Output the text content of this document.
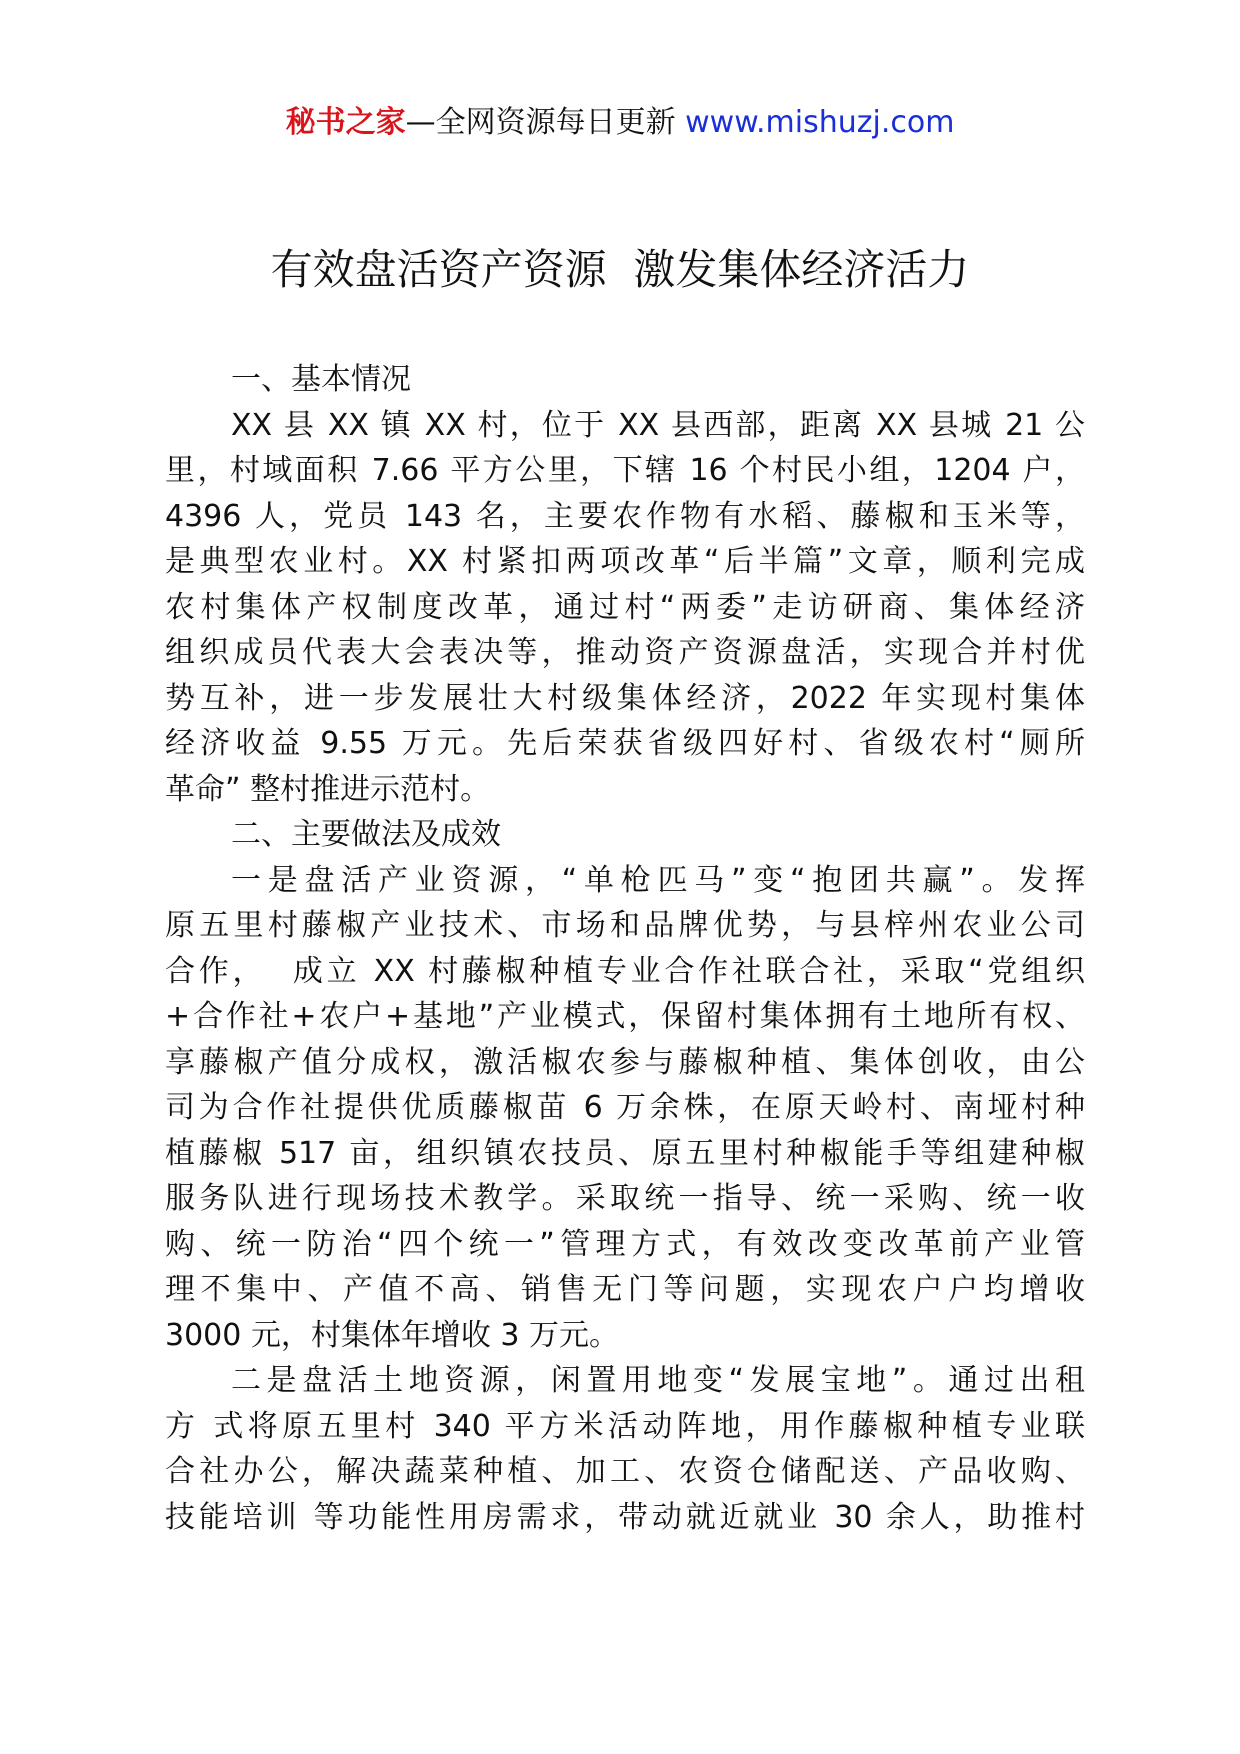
秘书之家—全网资源每日更新 www.mishuzj.com
有效盘活资产资源  激发集体经济活力
一、基本情况
XX 县 XX 镇 XX 村，位于 XX 县西部，距离 XX 县城 21 公
里，村域面积 7.66 平方公里，下辖 16 个村民小组，1204 户，
4396 人，党员 143 名，主要农作物有水稻、藤椒和玉米等，
是典型农业村。XX 村紧扣两项改革“后半篇”文章，顺利完成
农村集体产权制度改革，通过村“两委”走访研商、集体经济
组织成员代表大会表决等，推动资产资源盘活，实现合并村优
势互补，进一步发展壮大村级集体经济，2022 年实现村集体
经济收益 9.55 万元。先后荣获省级四好村、省级农村“厕所
革命” 整村推进示范村。
二、主要做法及成效
一是盘活产业资源，“单枪匹马”变“抱团共赢”。发挥
原五里村藤椒产业技术、市场和品牌优势，与县梓州农业公司
合作，  成立 XX 村藤椒种植专业合作社联合社，采取“党组织
+合作社+农户+基地”产业模式，保留村集体拥有土地所有权、
享藤椒产值分成权，激活椒农参与藤椒种植、集体创收，由公
司为合作社提供优质藤椒苗 6 万余株，在原天岭村、南垭村种
植藤椒 517 亩，组织镇农技员、原五里村种椒能手等组建种椒
服务队进行现场技术教学。采取统一指导、统一采购、统一收
购、统一防治“四个统一”管理方式，有效改变改革前产业管
理不集中、产值不高、销售无门等问题，实现农户户均增收
3000 元，村集体年增收 3 万元。
二是盘活土地资源，闲置用地变“发展宝地”。通过出租
方 式将原五里村 340 平方米活动阵地，用作藤椒种植专业联
合社办公，解决蔬菜种植、加工、农资仓储配送、产品收购、
技能培训 等功能性用房需求，带动就近就业 30 余人，助推村
